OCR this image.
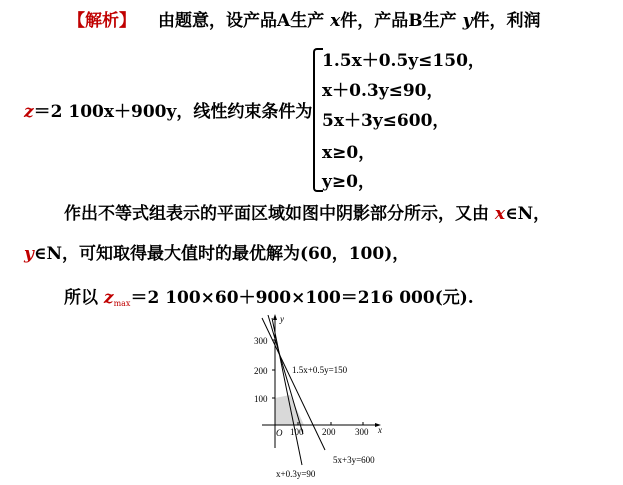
【解析】 由题意，设产品A生产 x件，产品B生产 y件，利润
z＝2 100x＋900y，线性约束条件为
1.5x＋0.5y≤150，
x＋0.3y≤90，
5x＋3y≤600，
x≥0，
y≥0，
作出不等式组表示的平面区域如图中阴影部分所示，又由 x∈N，
y∈N，可知取得最大值时的最优解为(60，100)，
所以 $z_{max}=2$ 100×60＋900×100＝216 000(元).
y
x
O
300
200
100
100 200 300
1.5x+0.5y=150
5x+3y=600
x+0.3y=90
